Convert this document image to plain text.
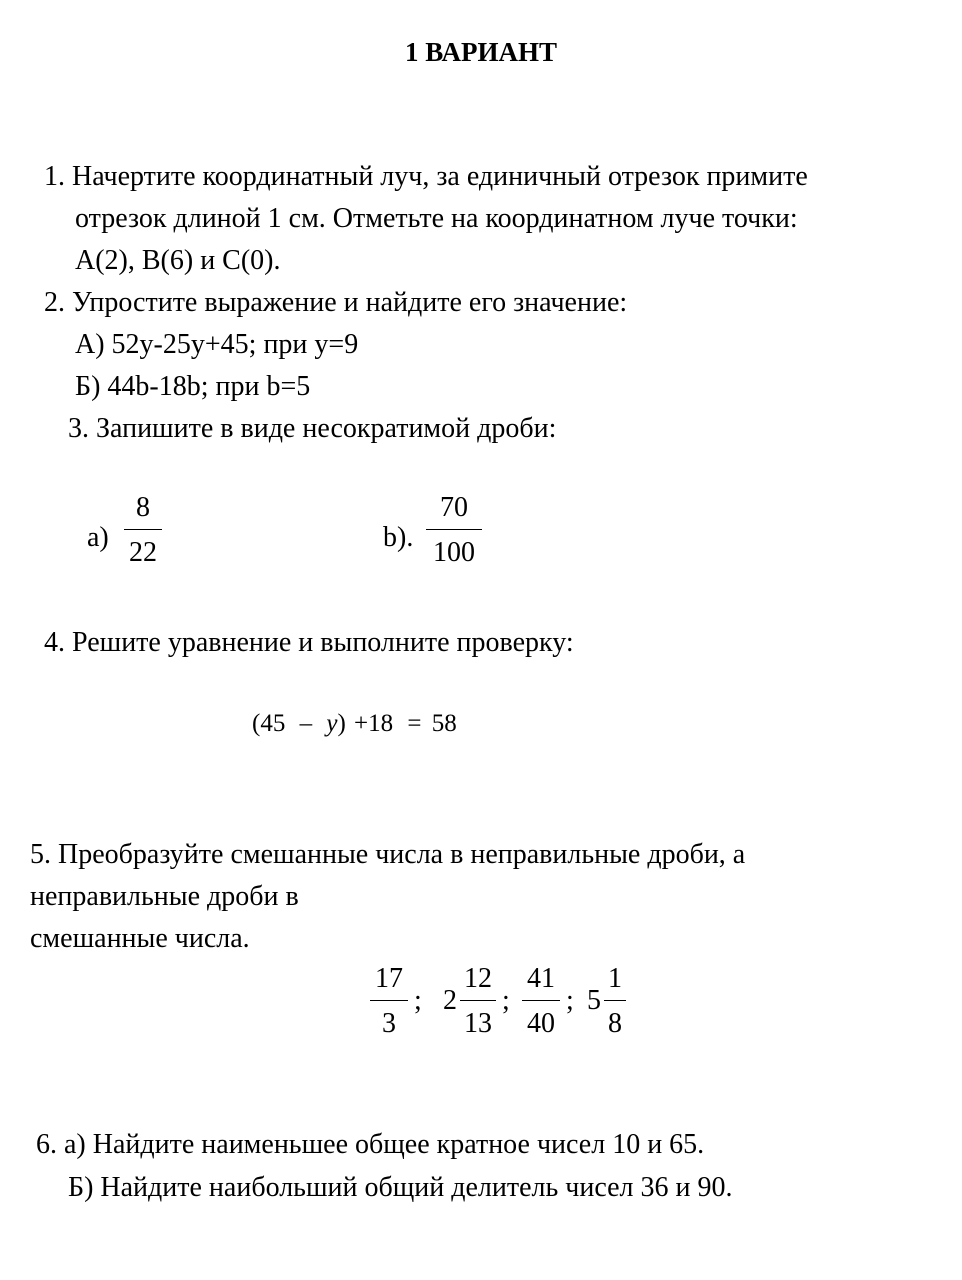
1 ВАРИАНТ
1. Начертите координатный луч, за единичный отрезок примите
отрезок длиной 1 см. Отметьте на координатном луче точки:
А(2), В(6) и С(0).
2. Упростите выражение и найдите его значение:
А) 52у-25у+45; при у=9
Б) 44b-18b; при b=5
3. Запишите в виде несократимой дроби:
а)
8
22	b).
70
100
4. Решите уравнение и выполните проверку:
(45 – y) +18 = 58
5. Преобразуйте смешанные числа в неправильные дроби, а
неправильные дроби в
смешанные числа.
17
3
; 2
12
13
;
41
40
; 5
1
8
6. а) Найдите наименьшее общее кратное чисел 10 и 65.
Б) Найдите наибольший общий делитель чисел 36 и 90.
